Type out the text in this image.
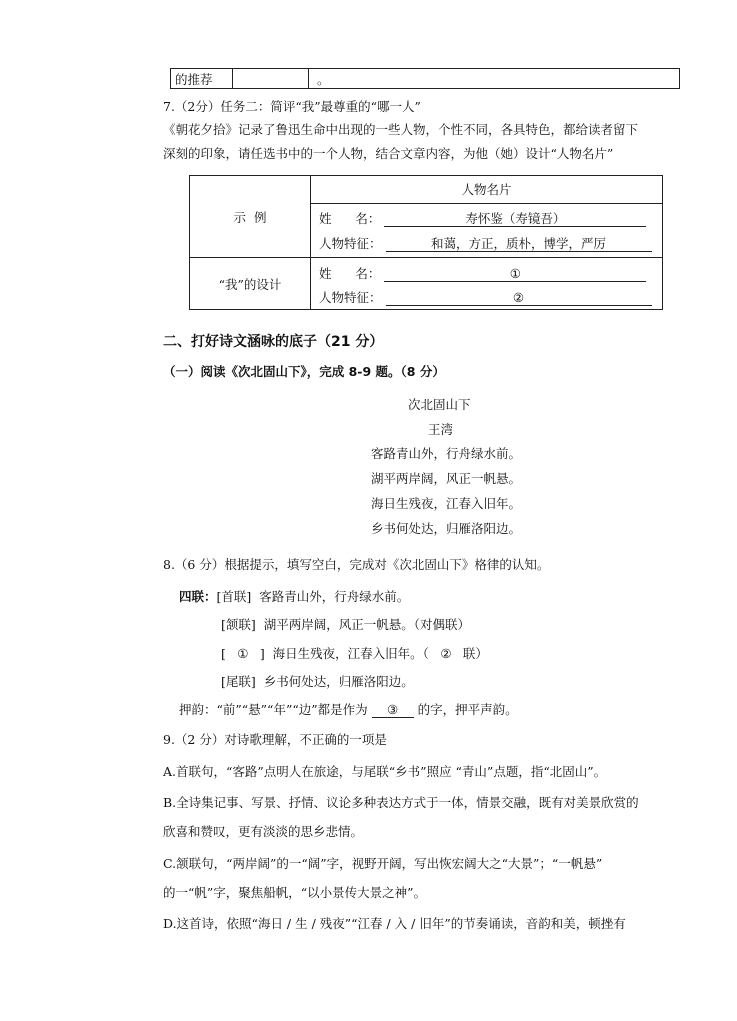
的推荐		。
7.（2分）任务二：简评“我”最尊重的“哪一人”
《朝花夕拾》记录了鲁迅生命中出现的一些人物，个性不同，各具特色，都给读者留下
深刻的印象，请任选书中的一个人物，结合文章内容，为他（她）设计“人物名片”
示  例	人物名片
姓      名： 寿怀鉴（寿镜吾）
人物特征： 和蔼，方正，质朴，博学，严厉

“我”的设计	姓      名： ①
人物特征： ②
二、打好诗文涵咏的底子（21 分）
（一）阅读《次北固山下》，完成 8-9 题。（8 分）
次北固山下
王湾
客路青山外，行舟绿水前。
湖平两岸阔，风正一帆悬。
海日生残夜，江春入旧年。
乡书何处达，归雁洛阳边。
8.（6 分）根据提示，填写空白，完成对《次北固山下》格律的认知。
四联：[首联]  客路青山外，行舟绿水前。
[颔联]  湖平两岸阔，风正一帆悬。（对偶联）
[ ① ]  海日生残夜，江春入旧年。（ ② 联）
[尾联]  乡书何处达，归雁洛阳边。
押韵：“前”“悬”“年”“边”都是作为 ③ 的字，押平声韵。
9.（2 分）对诗歌理解，不正确的一项是
A.首联句，“客路”点明人在旅途，与尾联“乡书”照应 “青山”点题，指“北固山”。
B.全诗集记事、写景、抒情、议论多种表达方式于一体，情景交融，既有对美景欣赏的
欣喜和赞叹，更有淡淡的思乡悲情。
C.颔联句，“两岸阔”的一“阔”字，视野开阔，写出恢宏阔大之“大景”；“一帆悬”
的一“帆”字，聚焦船帆，“以小景传大景之神”。
D.这首诗，依照“海日 / 生 / 残夜”“江春 / 入 / 旧年”的节奏诵读，音韵和美，顿挫有
